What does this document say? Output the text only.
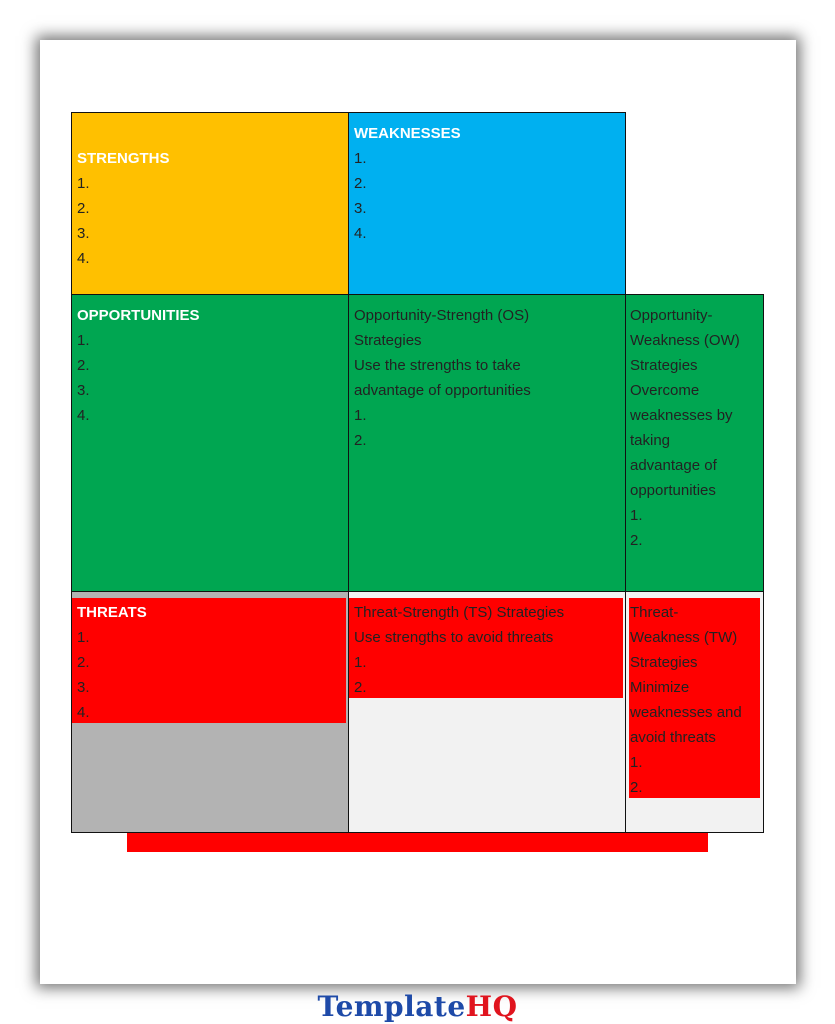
STRENGTHS
1.
2.
3.
4.
WEAKNESSES
1.
2.
3.
4.
OPPORTUNITIES
1.
2.
3.
4.
Opportunity-Strength (OS)
Strategies
Use the strengths to take
advantage of opportunities
1.
2.
Opportunity-
Weakness (OW)
Strategies
Overcome
weaknesses by
taking
advantage of
opportunities
1.
2.
THREATS
1.
2.
3.
4.
Threat-Strength (TS) Strategies
Use strengths to avoid threats
1.
2.
Threat-
Weakness (TW)
Strategies
Minimize
weaknesses and
avoid threats
1.
2.
TemplateHQ
